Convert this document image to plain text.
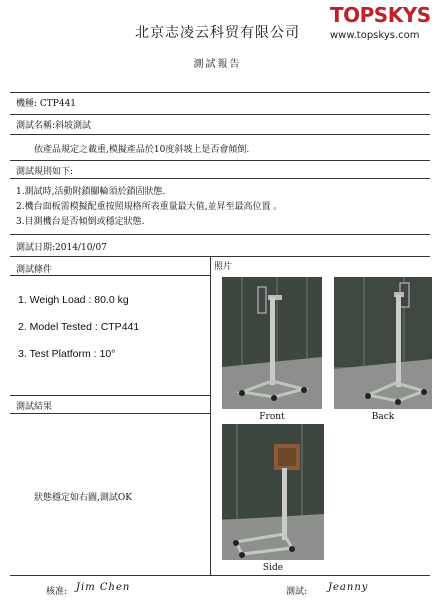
北京志凌云科贸有限公司
測試報告
TOPSKYS
www.topskys.com
機種: CTP441
測試名稱:斜坡測試
依產品規定之載重,模擬產品於10度斜坡上是否會傾倒.
測試規則如下:
1.測試時,活動附鎖腳輪須於鎖固狀態.
2.機台面板需模擬配重按照規格所表重量最大值,並昇至最高位置 。
3.目測機台是否傾倒或穩定狀態.
測試日期:2014/10/07
測試條件	照片
1. Weigh Load : 80.0 kg
2. Model Tested : CTP441
3. Test Platform : 10°
測試結果
狀態穩定如右圖,測試OK
Front	Back
Side
核准: Jim Chen	測試: Jeanny
